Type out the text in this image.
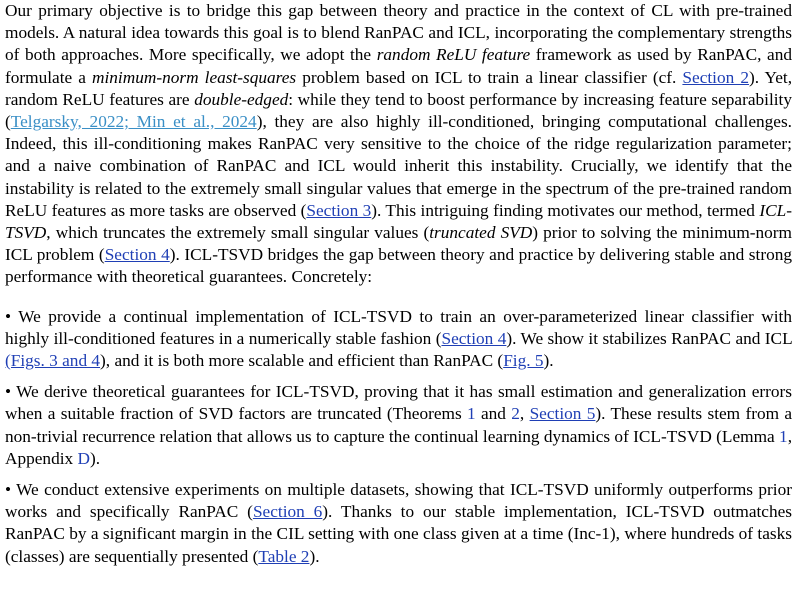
Our primary objective is to bridge this gap between theory and practice in the context of CL with pre-trained models. A natural idea towards this goal is to blend RanPAC and ICL, incorporating the complementary strengths of both approaches. More specifically, we adopt the random ReLU feature framework as used by RanPAC, and formulate a minimum-norm least-squares problem based on ICL to train a linear classifier (cf. Section 2). Yet, random ReLU features are double-edged: while they tend to boost performance by increasing feature separability (Telgarsky, 2022; Min et al., 2024), they are also highly ill-conditioned, bringing computational challenges. Indeed, this ill-conditioning makes RanPAC very sensitive to the choice of the ridge regularization parameter; and a naive combination of RanPAC and ICL would inherit this instability. Crucially, we identify that the instability is related to the extremely small singular values that emerge in the spectrum of the pre-trained random ReLU features as more tasks are observed (Section 3). This intriguing finding motivates our method, termed ICL-TSVD, which truncates the extremely small singular values (truncated SVD) prior to solving the minimum-norm ICL problem (Section 4). ICL-TSVD bridges the gap between theory and practice by delivering stable and strong performance with theoretical guarantees. Concretely:

• We provide a continual implementation of ICL-TSVD to train an over-parameterized linear classifier with highly ill-conditioned features in a numerically stable fashion (Section 4). We show it stabilizes RanPAC and ICL (Figs. 3 and 4), and it is both more scalable and efficient than RanPAC (Fig. 5).
• We derive theoretical guarantees for ICL-TSVD, proving that it has small estimation and generalization errors when a suitable fraction of SVD factors are truncated (Theorems 1 and 2, Section 5). These results stem from a non-trivial recurrence relation that allows us to capture the continual learning dynamics of ICL-TSVD (Lemma 1, Appendix D).
• We conduct extensive experiments on multiple datasets, showing that ICL-TSVD uniformly outperforms prior works and specifically RanPAC (Section 6). Thanks to our stable implementation, ICL-TSVD outmatches RanPAC by a significant margin in the CIL setting with one class given at a time (Inc-1), where hundreds of tasks (classes) are sequentially presented (Table 2).
